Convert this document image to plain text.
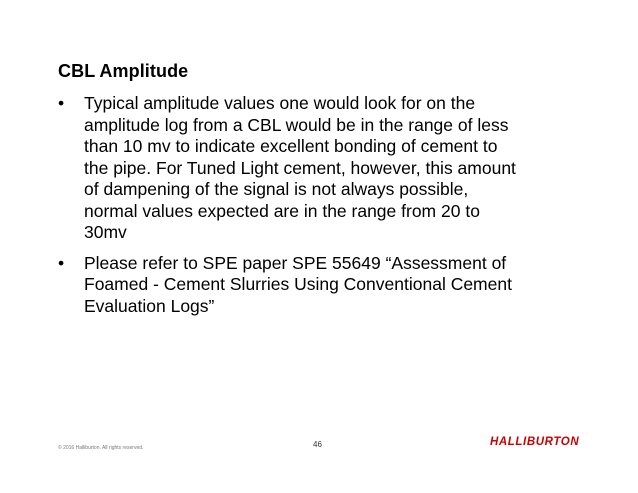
CBL Amplitude
•	Typical amplitude values one would look for on the
amplitude log from a CBL would be in the range of less
than 10 mv to indicate excellent bonding of cement to
the pipe. For Tuned Light cement, however, this amount
of dampening of the signal is not always possible,
normal values expected are in the range from 20 to
30mv
•	Please refer to SPE paper SPE 55649 “Assessment of
Foamed - Cement Slurries Using Conventional Cement
Evaluation Logs”
© 2016 Halliburton. All rights reserved.	46	HALLIBURTON
